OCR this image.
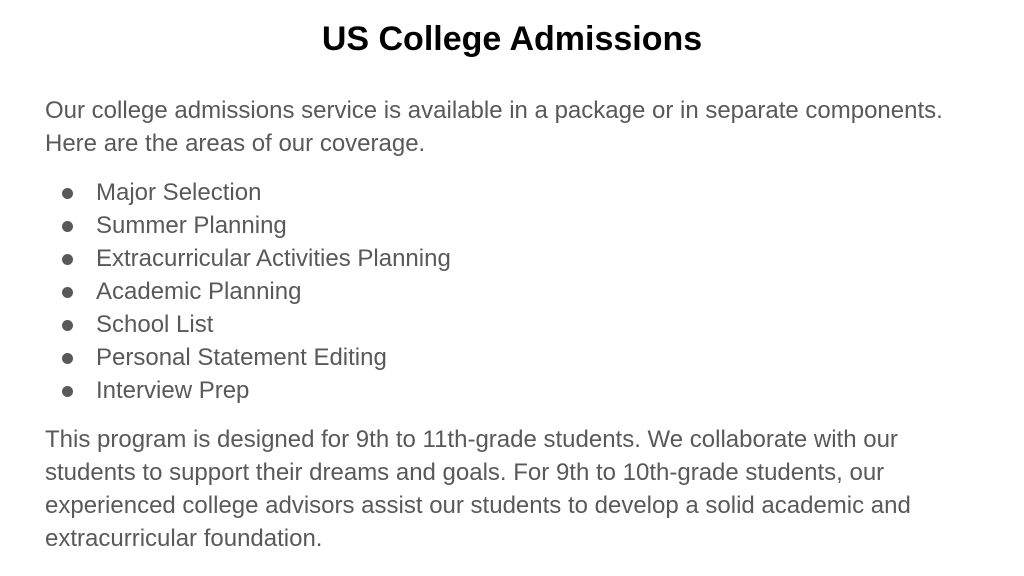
US College Admissions
Our college admissions service is available in a package or in separate components. Here are the areas of our coverage.
Major Selection
Summer Planning
Extracurricular Activities Planning
Academic Planning
School List
Personal Statement Editing
Interview Prep
This program is designed for 9th to 11th-grade students. We collaborate with our students to support their dreams and goals. For 9th to 10th-grade students, our experienced college advisors assist our students to develop a solid academic and extracurricular foundation.
